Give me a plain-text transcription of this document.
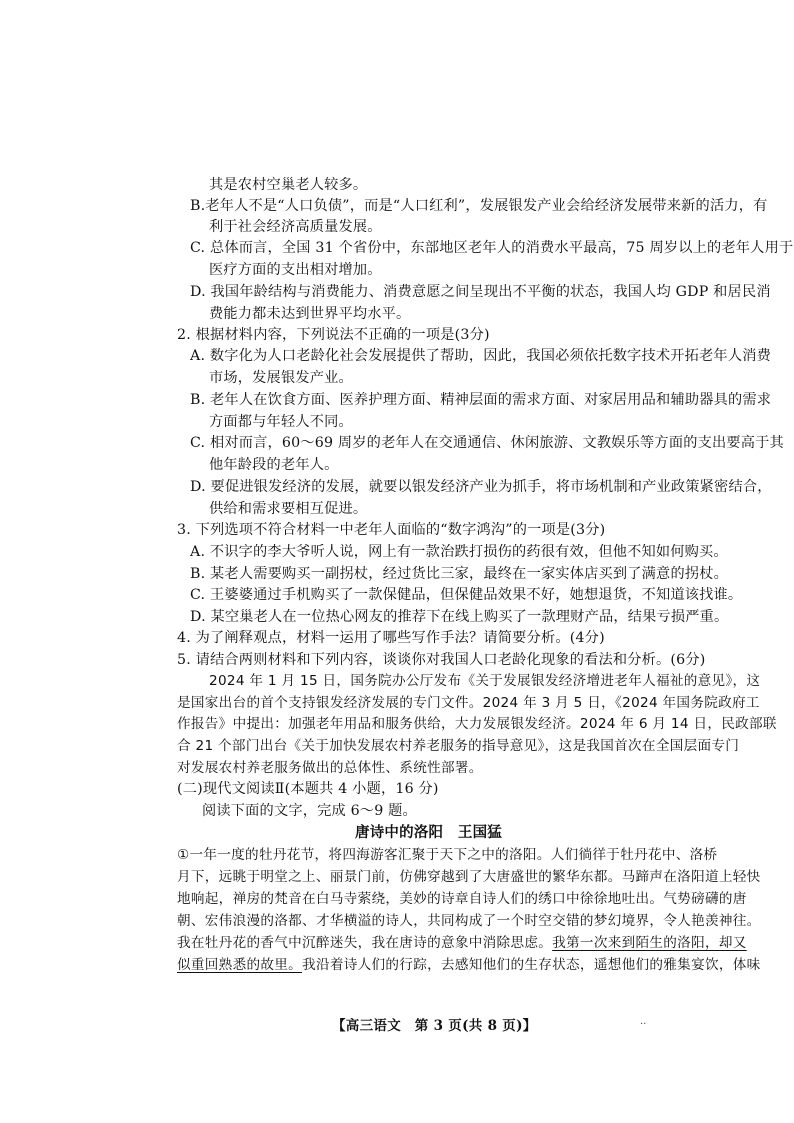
其是农村空巢老人较多。
B.老年人不是“人口负债”，而是“人口红利”，发展银发产业会给经济发展带来新的活力，有
利于社会经济高质量发展。
C. 总体而言，全国 31 个省份中，东部地区老年人的消费水平最高，75 周岁以上的老年人用于
医疗方面的支出相对增加。
D. 我国年龄结构与消费能力、消费意愿之间呈现出不平衡的状态，我国人均 GDP 和居民消
费能力都未达到世界平均水平。
2. 根据材料内容，下列说法不正确的一项是(3分)
A. 数字化为人口老龄化社会发展提供了帮助，因此，我国必须依托数字技术开拓老年人消费
市场，发展银发产业。
B. 老年人在饮食方面、医养护理方面、精神层面的需求方面、对家居用品和辅助器具的需求
方面都与年轻人不同。
C. 相对而言，60～69 周岁的老年人在交通通信、休闲旅游、文教娱乐等方面的支出要高于其
他年龄段的老年人。
D. 要促进银发经济的发展，就要以银发经济产业为抓手，将市场机制和产业政策紧密结合，
供给和需求要相互促进。
3. 下列选项不符合材料一中老年人面临的“数字鸿沟”的一项是(3分)
A. 不识字的李大爷听人说，网上有一款治跌打损伤的药很有效，但他不知如何购买。
B. 某老人需要购买一副拐杖，经过货比三家，最终在一家实体店买到了满意的拐杖。
C. 王婆婆通过手机购买了一款保健品，但保健品效果不好，她想退货，不知道该找谁。
D. 某空巢老人在一位热心网友的推荐下在线上购买了一款理财产品，结果亏损严重。
4. 为了阐释观点，材料一运用了哪些写作手法？请简要分析。(4分)
5. 请结合两则材料和下列内容，谈谈你对我国人口老龄化现象的看法和分析。(6分)
2024 年 1 月 15 日，国务院办公厅发布《关于发展银发经济增进老年人福祉的意见》，这
是国家出台的首个支持银发经济发展的专门文件。2024 年 3 月 5 日，《2024 年国务院政府工
作报告》中提出：加强老年用品和服务供给，大力发展银发经济。2024 年 6 月 14 日，民政部联
合 21 个部门出台《关于加快发展农村养老服务的指导意见》，这是我国首次在全国层面专门
对发展农村养老服务做出的总体性、系统性部署。
(二)现代文阅读Ⅱ(本题共 4 小题，16 分)
阅读下面的文字，完成 6～9 题。
唐诗中的洛阳　王国猛
①一年一度的牡丹花节，将四海游客汇聚于天下之中的洛阳。人们徜徉于牡丹花中、洛桥
月下，远眺于明堂之上、丽景门前，仿佛穿越到了大唐盛世的繁华东都。马蹄声在洛阳道上轻快
地响起，禅房的梵音在白马寺萦绕，美妙的诗章自诗人们的绣口中徐徐地吐出。气势磅礴的唐
朝、宏伟浪漫的洛都、才华横溢的诗人，共同构成了一个时空交错的梦幻境界，令人艳羡神往。
我在牡丹花的香气中沉醉迷失，我在唐诗的意象中消除思虑。我第一次来到陌生的洛阳，却又
似重回熟悉的故里。我沿着诗人们的行踪，去感知他们的生存状态，遥想他们的雅集宴饮，体味
【高三语文　第 3 页(共 8 页)】	..
